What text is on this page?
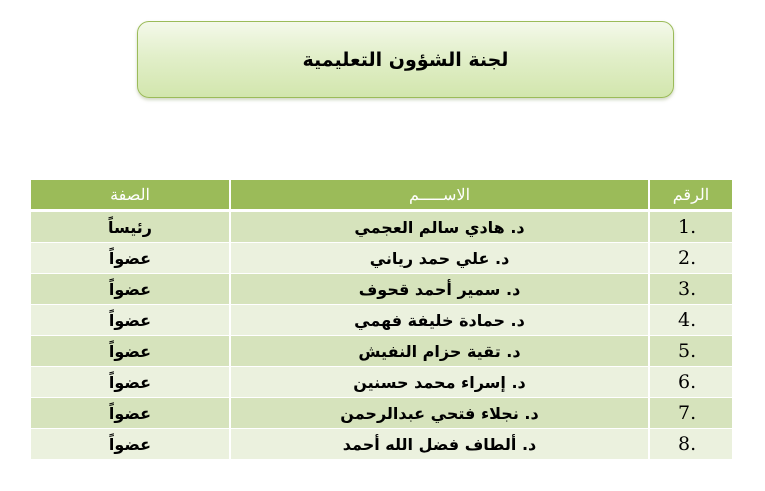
لجنة الشؤون التعليمية
الرقم	الاســـــم	الصفة
1.	د. هادي سالم العجمي	رئيساً
2.	د. علي حمد رياني	عضواً
3.	د. سمير أحمد قحوف	عضواً
4.	د. حمادة خليفة فهمي	عضواً
5.	د. تقية حزام النفيش	عضواً
6.	د. إسراء محمد حسنين	عضواً
7.	د. نجلاء فتحي عبدالرحمن	عضواً
8.	د. ألطاف فضل الله أحمد	عضواً
